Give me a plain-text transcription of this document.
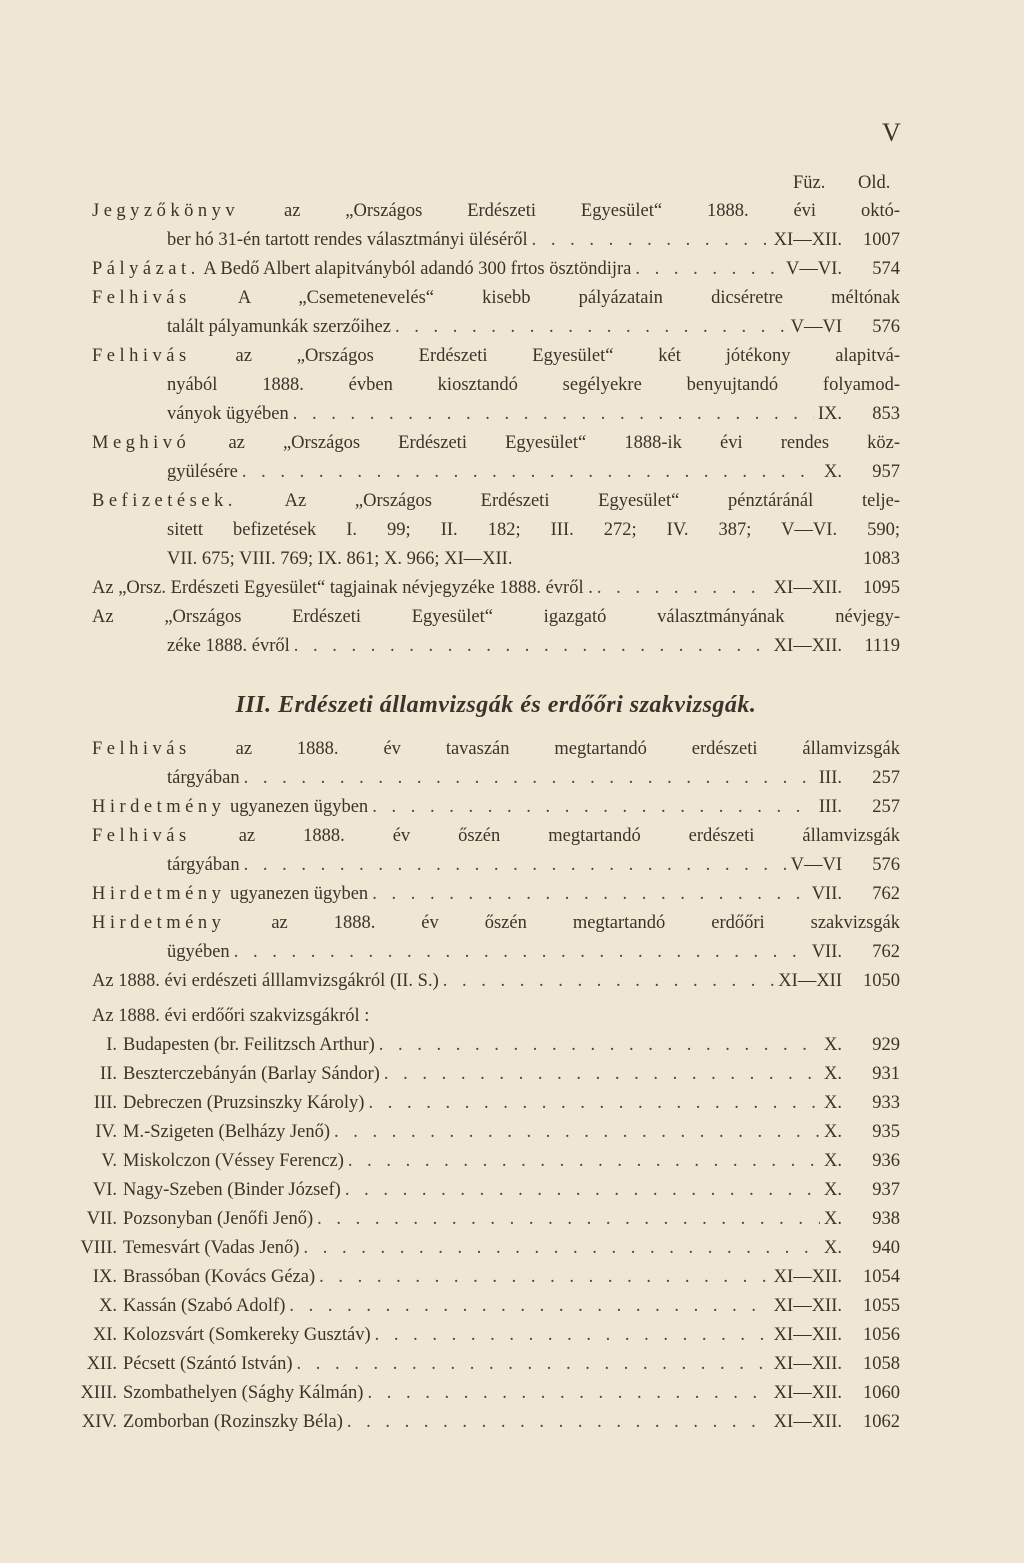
V
Füz. Old.
Jegyzőkönyv az „Országos Erdészeti Egyesület“ 1888. évi októ-
ber hó 31-én tartott rendes választmányi üléséről . . .	XI—XII.	1007
Pályázat. A Bedő Albert alapitványból adandó 300 frtos ösztöndijra . . .	V—VI.	574
Felhivás	A „Csemetenevelés“ kisebb pályázatain dicséretre méltónak
talált pályamunkák szerzőihez . . .	V—VI	576
Felhivás az „Országos Erdészeti Egyesület“ két jótékony alapitvá-
nyából 1888. évben kiosztandó segélyekre benyujtandó folyamod-
ványok ügyében . . .	IX.	853
Meghivó az „Országos Erdészeti Egyesület“ 1888-ik évi rendes köz-
gyülésére . . .	X.	957
Befizetések.	Az „Országos Erdészeti Egyesület“ pénztáránál telje-
sitett befizetések I. 99; II. 182; III. 272; IV. 387; V—VI. 590;
VII. 675; VIII. 769; IX. 861; X. 966; XI—XII.	1083
Az „Orsz. Erdészeti Egyesület“ tagjainak névjegyzéke 1888. évről . . . .	XI—XII.	1095
Az „Országos Erdészeti Egyesület“ igazgató választmányának névjegy-
zéke 1888. évről . . .	XI—XII.	1119
III. Erdészeti államvizsgák és erdőőri szakvizsgák.
Felhivás az 1888. év tavaszán megtartandó erdészeti államvizsgák
tárgyában . . .	III.	257
Hirdetmény ugyanezen ügyben . . .	III.	257
Felhivás	az 1888. év őszén megtartandó erdészeti államvizsgák
tárgyában . . .	V—VI	576
Hirdetmény ugyanezen ügyben . . .	VII.	762
Hirdetmény az 1888. év őszén megtartandó erdőőri szakvizsgák
ügyében . . .	VII.	762
Az 1888. évi erdészeti álllamvizsgákról (II. S.) . . .	XI—XII	1050
Az 1888. évi erdőőri szakvizsgákról :
I. Budapesten (br. Feilitzsch Arthur) . . .	X.	929
II. Beszterczebányán (Barlay Sándor) . . .	X.	931
III. Debreczen (Pruzsinszky Károly) . . .	X.	933
IV. M.-Szigeten (Belházy Jenő) . . .	X.	935
V. Miskolczon (Véssey Ferencz) . . .	X.	936
VI. Nagy-Szeben (Binder József) . . .	X.	937
VII. Pozsonyban (Jenőfi Jenő) . . .	X.	938
VIII. Temesvárt (Vadas Jenő) . . .	X.	940
IX. Brassóban (Kovács Géza) . . .	XI—XII.	1054
X. Kassán (Szabó Adolf) . . .	XI—XII.	1055
XI. Kolozsvárt (Somkereky Gusztáv) . . .	XI—XII.	1056
XII. Pécsett (Szántó István) . . .	XI—XII.	1058
XIII. Szombathelyen (Sághy Kálmán) . . .	XI—XII.	1060
XIV. Zomborban (Rozinszky Béla) . . .	XI—XII.	1062
